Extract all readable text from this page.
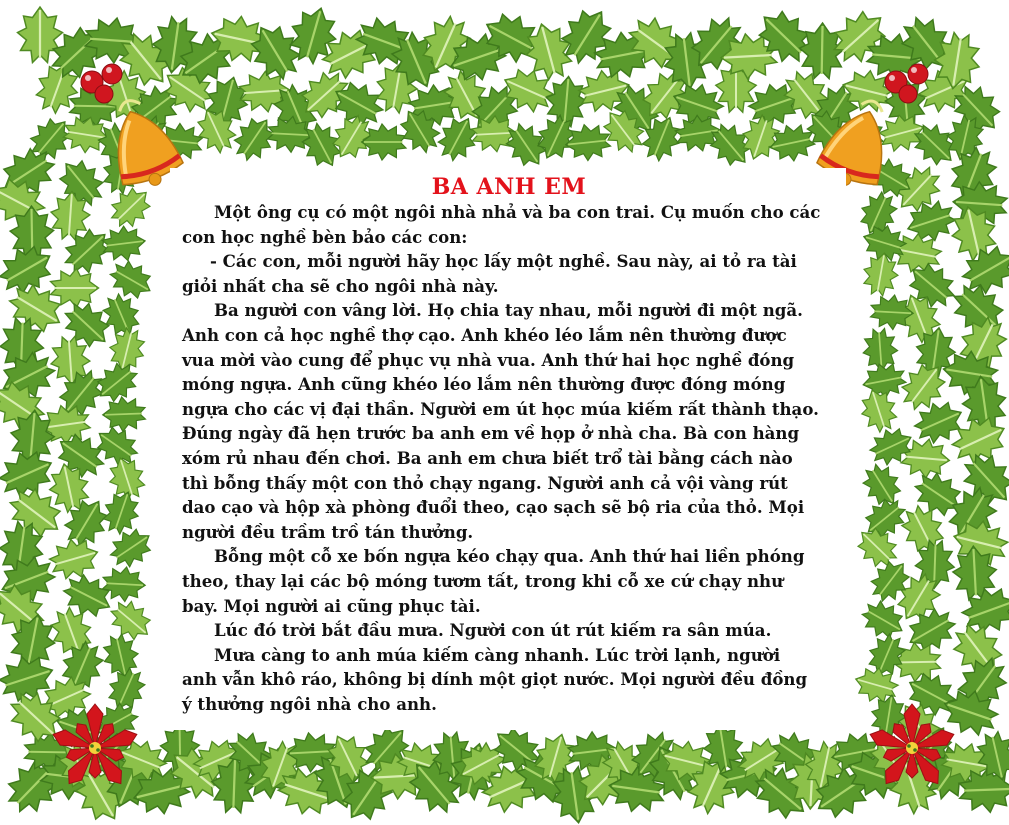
BA ANH EM

Một ông cụ có một ngôi nhà nhả và ba con trai. Cụ muốn cho các
con học nghề bèn bảo các con:

- Các con, mỗi người hãy học lấy một nghề. Sau này, ai tỏ ra tài
giỏi nhất cha sẽ cho ngôi nhà này.

Ba người con vâng lời. Họ chia tay nhau, mỗi người đi một ngã.
Anh con cả học nghề thợ cạo. Anh khéo léo lắm nên thường được
vua mời vào cung để phục vụ nhà vua. Anh thứ hai học nghề đóng
móng ngựa. Anh cũng khéo léo lắm nên thường được đóng móng
ngựa cho các vị đại thần. Người em út học múa kiếm rất thành thạo.
Đúng ngày đã hẹn trước ba anh em về họp ở nhà cha. Bà con hàng
xóm rủ nhau đến chơi. Ba anh em chưa biết trổ tài bằng cách nào
thì bỗng thấy một con thỏ chạy ngang. Người anh cả vội vàng rút
dao cạo và hộp xà phòng đuổi theo, cạo sạch sẽ bộ ria của thỏ. Mọi
người đều trầm trồ tán thưởng.

Bỗng một cỗ xe bốn ngựa kéo chạy qua. Anh thứ hai liền phóng
theo, thay lại các bộ móng tươm tất, trong khi cỗ xe cứ chạy như
bay. Mọi người ai cũng phục tài.

Lúc đó trời bắt đầu mưa. Người con út rút kiếm ra sân múa.

Mưa càng to anh múa kiếm càng nhanh. Lúc trời lạnh, người
anh vẫn khô ráo, không bị dính một giọt nước. Mọi người đều đồng
ý thưởng ngôi nhà cho anh.
